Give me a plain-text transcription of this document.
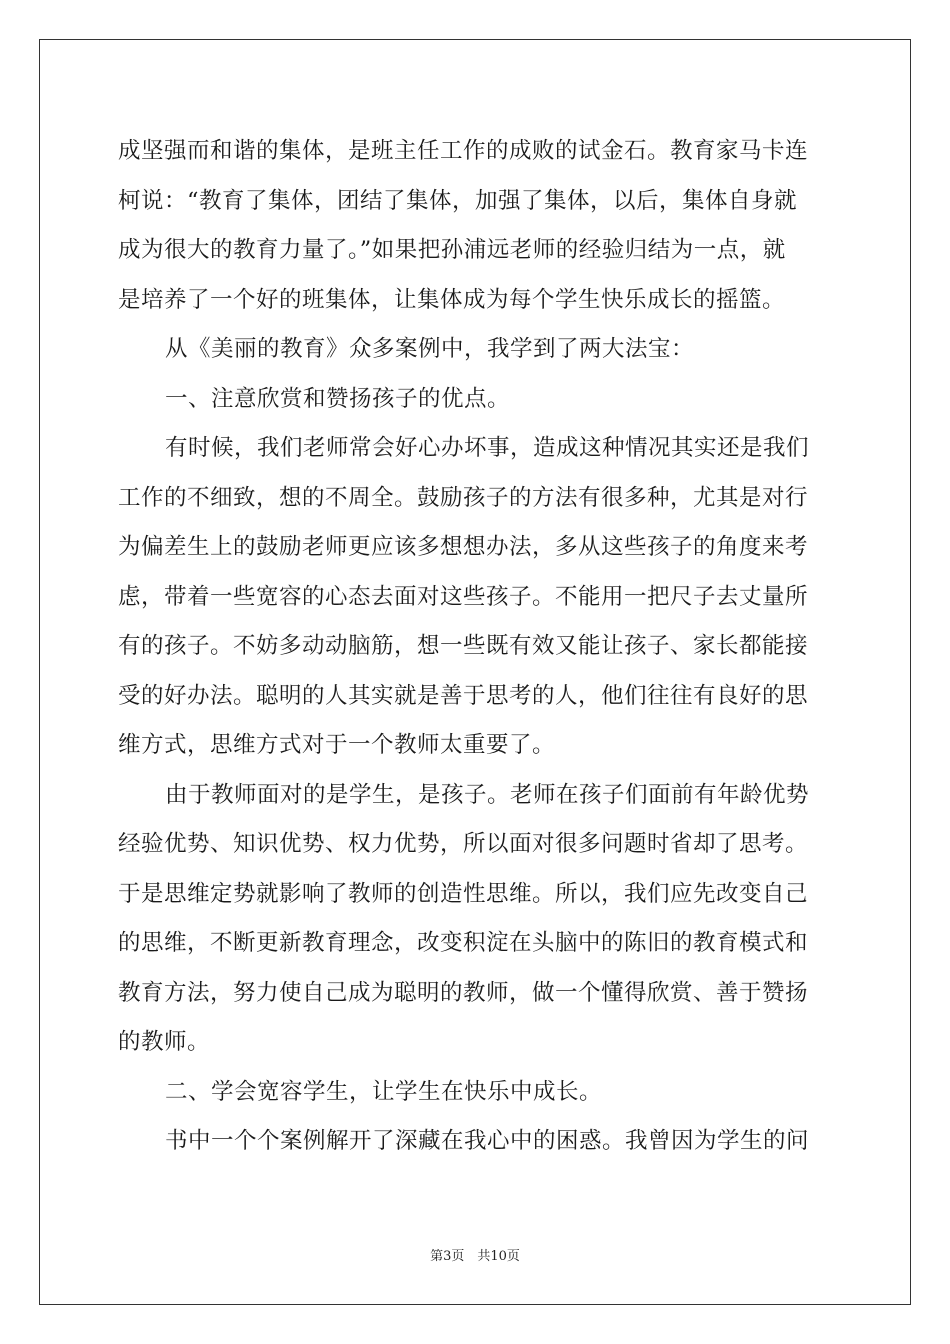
成坚强而和谐的集体，是班主任工作的成败的试金石。教育家马卡连
柯说：“教育了集体，团结了集体，加强了集体，以后，集体自身就
成为很大的教育力量了。”如果把孙浦远老师的经验归结为一点，就
是培养了一个好的班集体，让集体成为每个学生快乐成长的摇篮。
从《美丽的教育》众多案例中，我学到了两大法宝：
一、注意欣赏和赞扬孩子的优点。
有时候，我们老师常会好心办坏事，造成这种情况其实还是我们
工作的不细致，想的不周全。鼓励孩子的方法有很多种，尤其是对行
为偏差生上的鼓励老师更应该多想想办法，多从这些孩子的角度来考
虑，带着一些宽容的心态去面对这些孩子。不能用一把尺子去丈量所
有的孩子。不妨多动动脑筋，想一些既有效又能让孩子、家长都能接
受的好办法。聪明的人其实就是善于思考的人，他们往往有良好的思
维方式，思维方式对于一个教师太重要了。
由于教师面对的是学生，是孩子。老师在孩子们面前有年龄优势
经验优势、知识优势、权力优势，所以面对很多问题时省却了思考。
于是思维定势就影响了教师的创造性思维。所以，我们应先改变自己
的思维，不断更新教育理念，改变积淀在头脑中的陈旧的教育模式和
教育方法，努力使自己成为聪明的教师，做一个懂得欣赏、善于赞扬
的教师。
二、学会宽容学生，让学生在快乐中成长。
书中一个个案例解开了深藏在我心中的困惑。我曾因为学生的问
第3页　共10页
